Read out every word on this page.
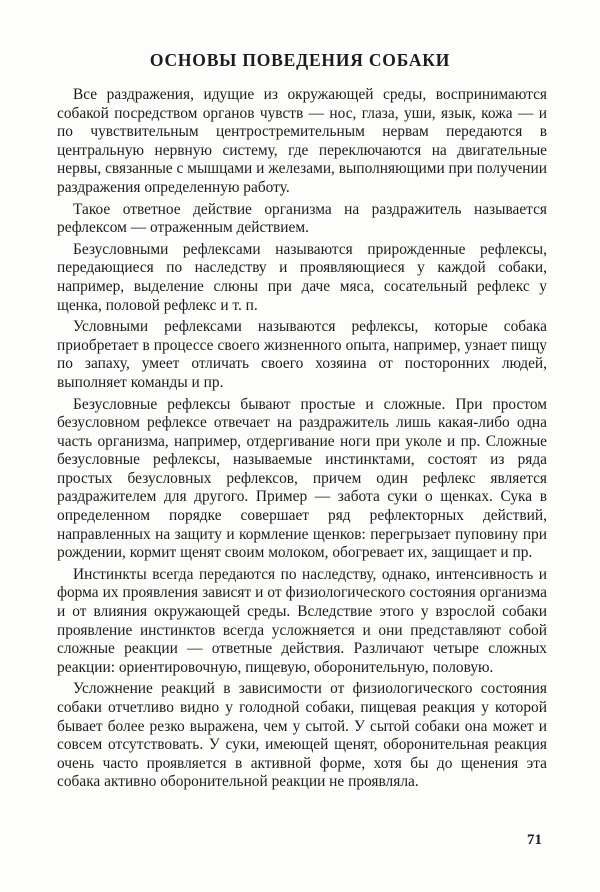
ОСНОВЫ ПОВЕДЕНИЯ СОБАКИ

Все раздражения, идущие из окружающей среды, воспринимаются собакой посредством органов чувств — нос, глаза, уши, язык, кожа — и по чувствительным центростремительным нервам передаются в центральную нервную систему, где переключаются на двигательные нервы, связанные с мышцами и железами, выполняющими при получении раздражения определенную работу.

Такое ответное действие организма на раздражитель называется рефлексом — отраженным действием.

Безусловными рефлексами называются прирожденные рефлексы, передающиеся по наследству и проявляющиеся у каждой собаки, например, выделение слюны при даче мяса, сосательный рефлекс у щенка, половой рефлекс и т. п.

Условными рефлексами называются рефлексы, которые собака приобретает в процессе своего жизненного опыта, например, узнает пищу по запаху, умеет отличать своего хозяина от посторонних людей, выполняет команды и пр.

Безусловные рефлексы бывают простые и сложные. При простом безусловном рефлексе отвечает на раздражитель лишь какая-либо одна часть организма, например, отдергивание ноги при уколе и пр. Сложные безусловные рефлексы, называемые инстинктами, состоят из ряда простых безусловных рефлексов, причем один рефлекс является раздражителем для другого. Пример — забота суки о щенках. Сука в определенном порядке совершает ряд рефлекторных действий, направленных на защиту и кормление щенков: перегрызает пуповину при рождении, кормит щенят своим молоком, обогревает их, защищает и пр.

Инстинкты всегда передаются по наследству, однако, интенсивность и форма их проявления зависят и от физиологического состояния организма и от влияния окружающей среды. Вследствие этого у взрослой собаки проявление инстинктов всегда усложняется и они представляют собой сложные реакции — ответные действия. Различают четыре сложных реакции: ориентировочную, пищевую, оборонительную, половую.

Усложнение реакций в зависимости от физиологического состояния собаки отчетливо видно у голодной собаки, пищевая реакция у которой бывает более резко выражена, чем у сытой. У сытой собаки она может и совсем отсутствовать. У суки, имеющей щенят, оборонительная реакция очень часто проявляется в активной форме, хотя бы до щенения эта собака активно оборонительной реакции не проявляла.

71
